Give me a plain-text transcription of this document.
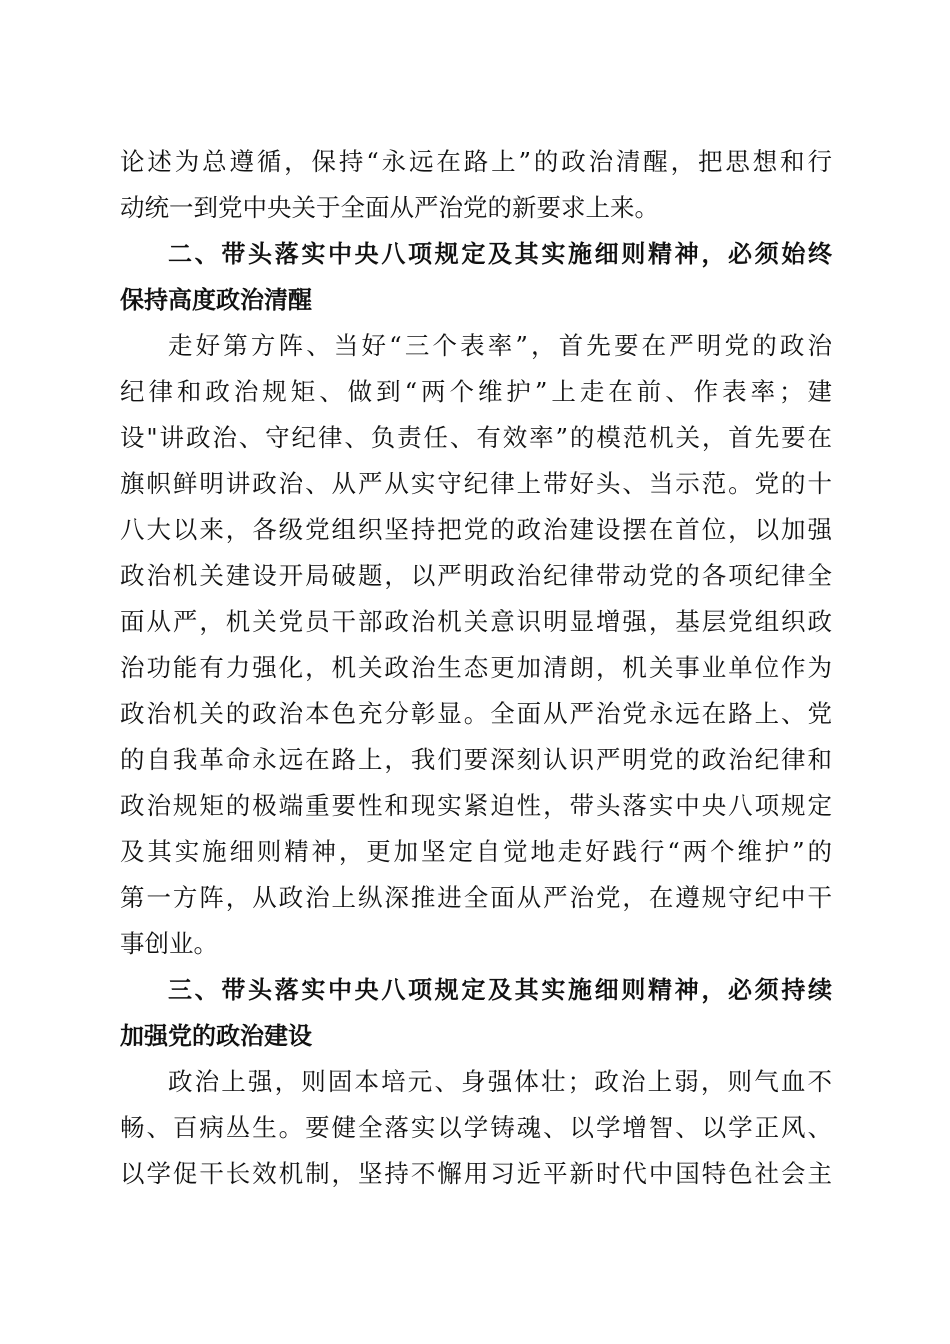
论述为总遵循，保持“永远在路上”的政治清醒，把思想和行
动统一到党中央关于全面从严治党的新要求上来。
二、带头落实中央八项规定及其实施细则精神，必须始终
保持高度政治清醒
走好第方阵、当好“三个表率”，首先要在严明党的政治
纪律和政治规矩、做到“两个维护”上走在前、作表率；建
设"讲政治、守纪律、负责任、有效率”的模范机关，首先要在
旗帜鲜明讲政治、从严从实守纪律上带好头、当示范。党的十
八大以来，各级党组织坚持把党的政治建设摆在首位，以加强
政治机关建设开局破题，以严明政治纪律带动党的各项纪律全
面从严，机关党员干部政治机关意识明显增强，基层党组织政
治功能有力强化，机关政治生态更加清朗，机关事业单位作为
政治机关的政治本色充分彰显。全面从严治党永远在路上、党
的自我革命永远在路上，我们要深刻认识严明党的政治纪律和
政治规矩的极端重要性和现实紧迫性，带头落实中央八项规定
及其实施细则精神，更加坚定自觉地走好践行“两个维护”的
第一方阵，从政治上纵深推进全面从严治党，在遵规守纪中干
事创业。
三、带头落实中央八项规定及其实施细则精神，必须持续
加强党的政治建设
政治上强，则固本培元、身强体壮；政治上弱，则气血不
畅、百病丛生。要健全落实以学铸魂、以学增智、以学正风、
以学促干长效机制，坚持不懈用习近平新时代中国特色社会主
